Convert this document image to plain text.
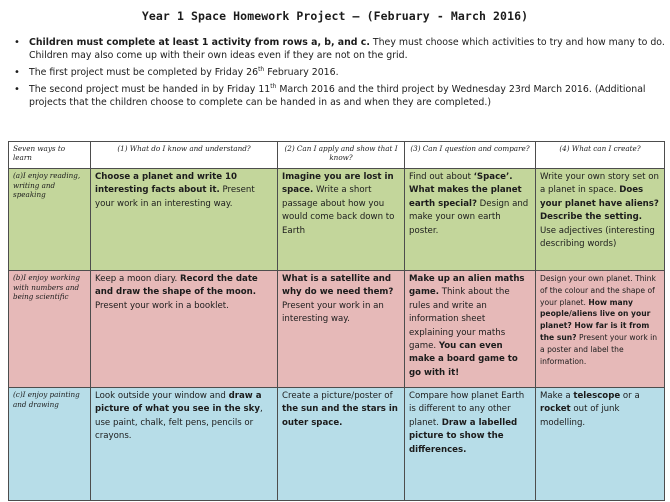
Year 1 Space Homework Project – (February - March 2016)
• Children must complete at least 1 activity from rows a, b, and c. They must choose which activities to try and how many to do. Children may also come up with their own ideas even if they are not on the grid.
• The first project must be completed by Friday 26th February 2016.
• The second project must be handed in by Friday 11th March 2016 and the third project by Wednesday 23rd March 2016. (Additional projects that the children choose to complete can be handed in as and when they are completed.)
Seven ways to learn	(1) What do I know and understand?	(2) Can I apply and show that I know?	(3) Can I question and compare?	(4) What can I create?
(a)I enjoy reading, writing and speaking	Choose a planet and write 10 interesting facts about it. Present your work in an interesting way.	Imagine you are lost in space. Write a short passage about how you would come back down to Earth	Find out about ‘Space’. What makes the planet earth special? Design and make your own earth poster.	Write your own story set on a planet in space. Does your planet have aliens? Describe the setting. Use adjectives (interesting describing words)
(b)I enjoy working with numbers and being scientific	Keep a moon diary. Record the date and draw the shape of the moon. Present your work in a booklet.	What is a satellite and why do we need them? Present your work in an interesting way.	Make up an alien maths game. Think about the rules and write an information sheet explaining your maths game. You can even make a board game to go with it!	Design your own planet. Think of the colour and the shape of your planet. How many people/aliens live on your planet? How far is it from the sun? Present your work in a poster and label the information.
(c)I enjoy painting and drawing	Look outside your window and draw a picture of what you see in the sky, use paint, chalk, felt pens, pencils or crayons.	Create a picture/poster of the sun and the stars in outer space.	Compare how planet Earth is different to any other planet. Draw a labelled picture to show the differences.	Make a telescope or a rocket out of junk modelling.
